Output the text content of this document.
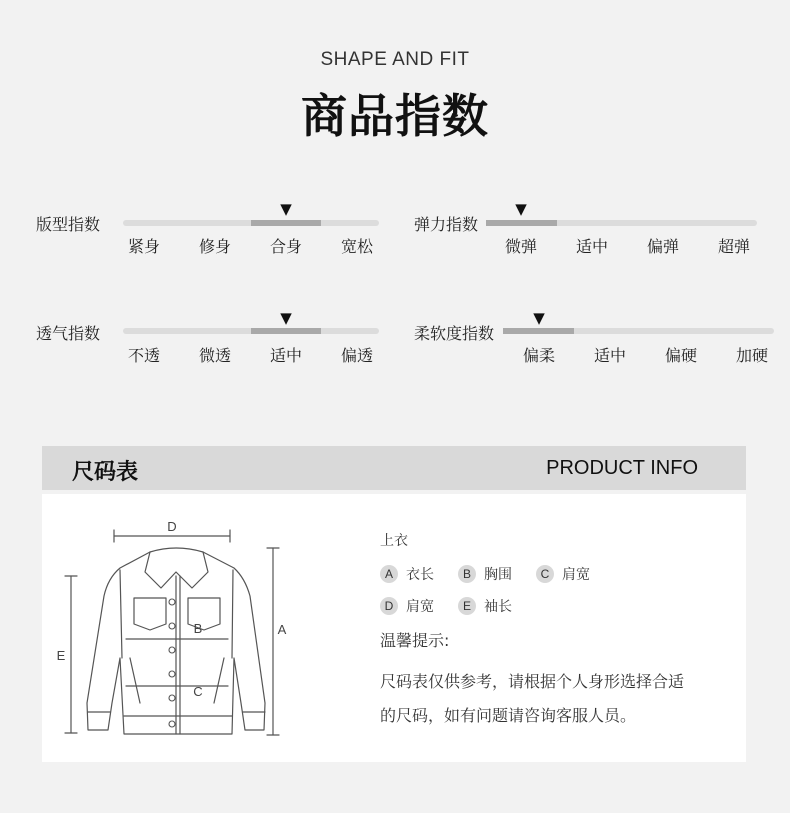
SHAPE AND FIT
商品指数
版型指数
▼
紧身 修身 合身 宽松
弹力指数
▼
微弹 适中 偏弹 超弹
透气指数
▼
不透 微透 适中 偏透
柔软度指数
▼
偏柔 适中 偏硬 加硬
尺码表	PRODUCT INFO
D
A
E
B
C
上衣
A 衣长	B 胸围	C 肩宽
D 肩宽	E 袖长
温馨提示:
尺码表仅供参考，请根据个人身形选择合适
的尺码，如有问题请咨询客服人员。
